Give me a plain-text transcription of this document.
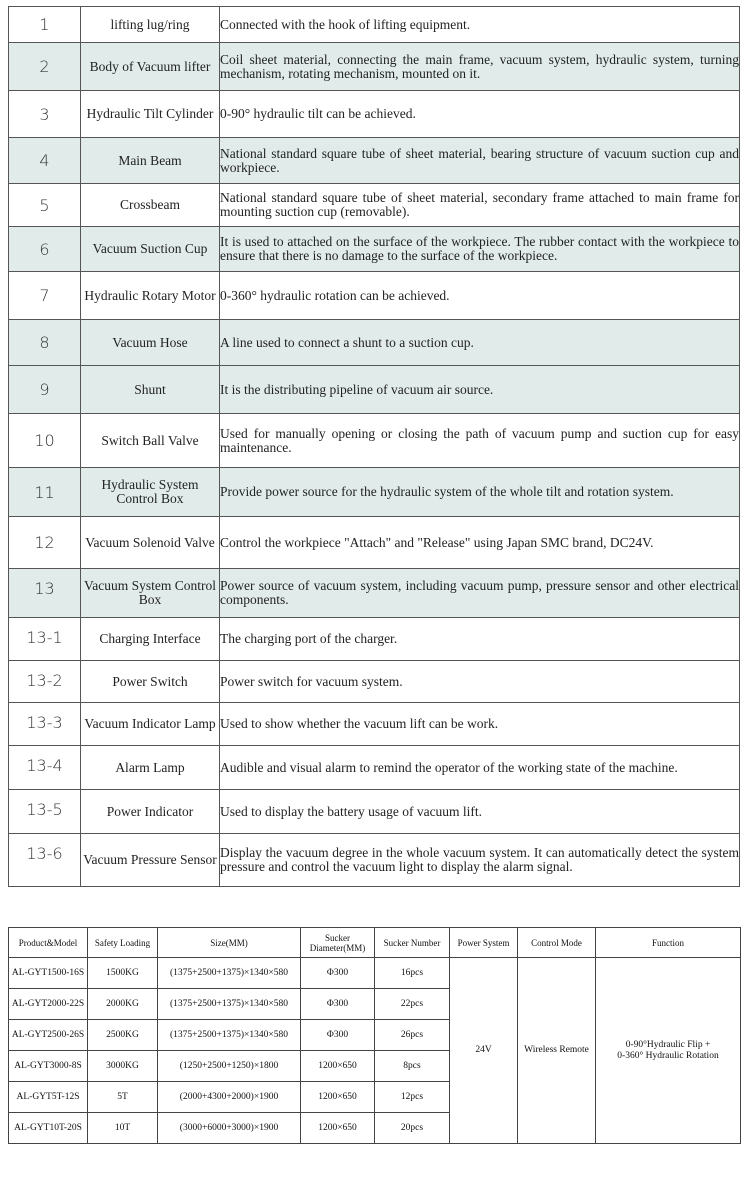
1	lifting lug/ring	Connected with the hook of lifting equipment.
2	Body of Vacuum lifter	Coil sheet material, connecting the main frame, vacuum system, hydraulic system, turning mechanism, rotating mechanism, mounted on it.
3	Hydraulic Tilt Cylinder	0-90° hydraulic tilt can be achieved.
4	Main Beam	National standard square tube of sheet material, bearing structure of vacuum suction cup and workpiece.
5	Crossbeam	National standard square tube of sheet material, secondary frame attached to main frame for mounting suction cup (removable).
6	Vacuum Suction Cup	It is used to attached on the surface of the workpiece. The rubber contact with the workpiece to ensure that there is no damage to the surface of the workpiece.
7	Hydraulic Rotary Motor	0-360° hydraulic rotation can be achieved.
8	Vacuum Hose	A line used to connect a shunt to a suction cup.
9	Shunt	It is the distributing pipeline of vacuum air source.
10	Switch Ball Valve	Used for manually opening or closing the path of vacuum pump and suction cup for easy maintenance.
11	Hydraulic System Control Box	Provide power source for the hydraulic system of the whole tilt and rotation system.
12	Vacuum Solenoid Valve	Control the workpiece "Attach" and "Release" using Japan SMC brand, DC24V.
13	Vacuum System Control Box	Power source of vacuum system, including vacuum pump, pressure sensor and other electrical components.
13-1	Charging Interface	The charging port of the charger.
13-2	Power Switch	Power switch for vacuum system.
13-3	Vacuum Indicator Lamp	Used to show whether the vacuum lift can be work.
13-4	Alarm Lamp	Audible and visual alarm to remind the operator of the working state of the machine.
13-5	Power Indicator	Used to display the battery usage of vacuum lift.
13-6	Vacuum Pressure Sensor	Display the vacuum degree in the whole vacuum system. It can automatically detect the system pressure and control the vacuum light to display the alarm signal.
Product&Model	Safety Loading	Size(MM)	Sucker Diameter(MM)	Sucker Number	Power System	Control Mode	Function
AL-GYT1500-16S	1500KG	(1375+2500+1375)×1340×580	Φ300	16pcs	24V	Wireless Remote	0-90°Hydraulic Flip +
0-360° Hydraulic Rotation

AL-GYT2000-22S	2000KG	(1375+2500+1375)×1340×580	Φ300	22pcs			
AL-GYT2500-26S	2500KG	(1375+2500+1375)×1340×580	Φ300	26pcs			
AL-GYT3000-8S	3000KG	(1250+2500+1250)×1800	1200×650	8pcs			
AL-GYT5T-12S	5T	(2000+4300+2000)×1900	1200×650	12pcs			
AL-GYT10T-20S	10T	(3000+6000+3000)×1900	1200×650	20pcs			
